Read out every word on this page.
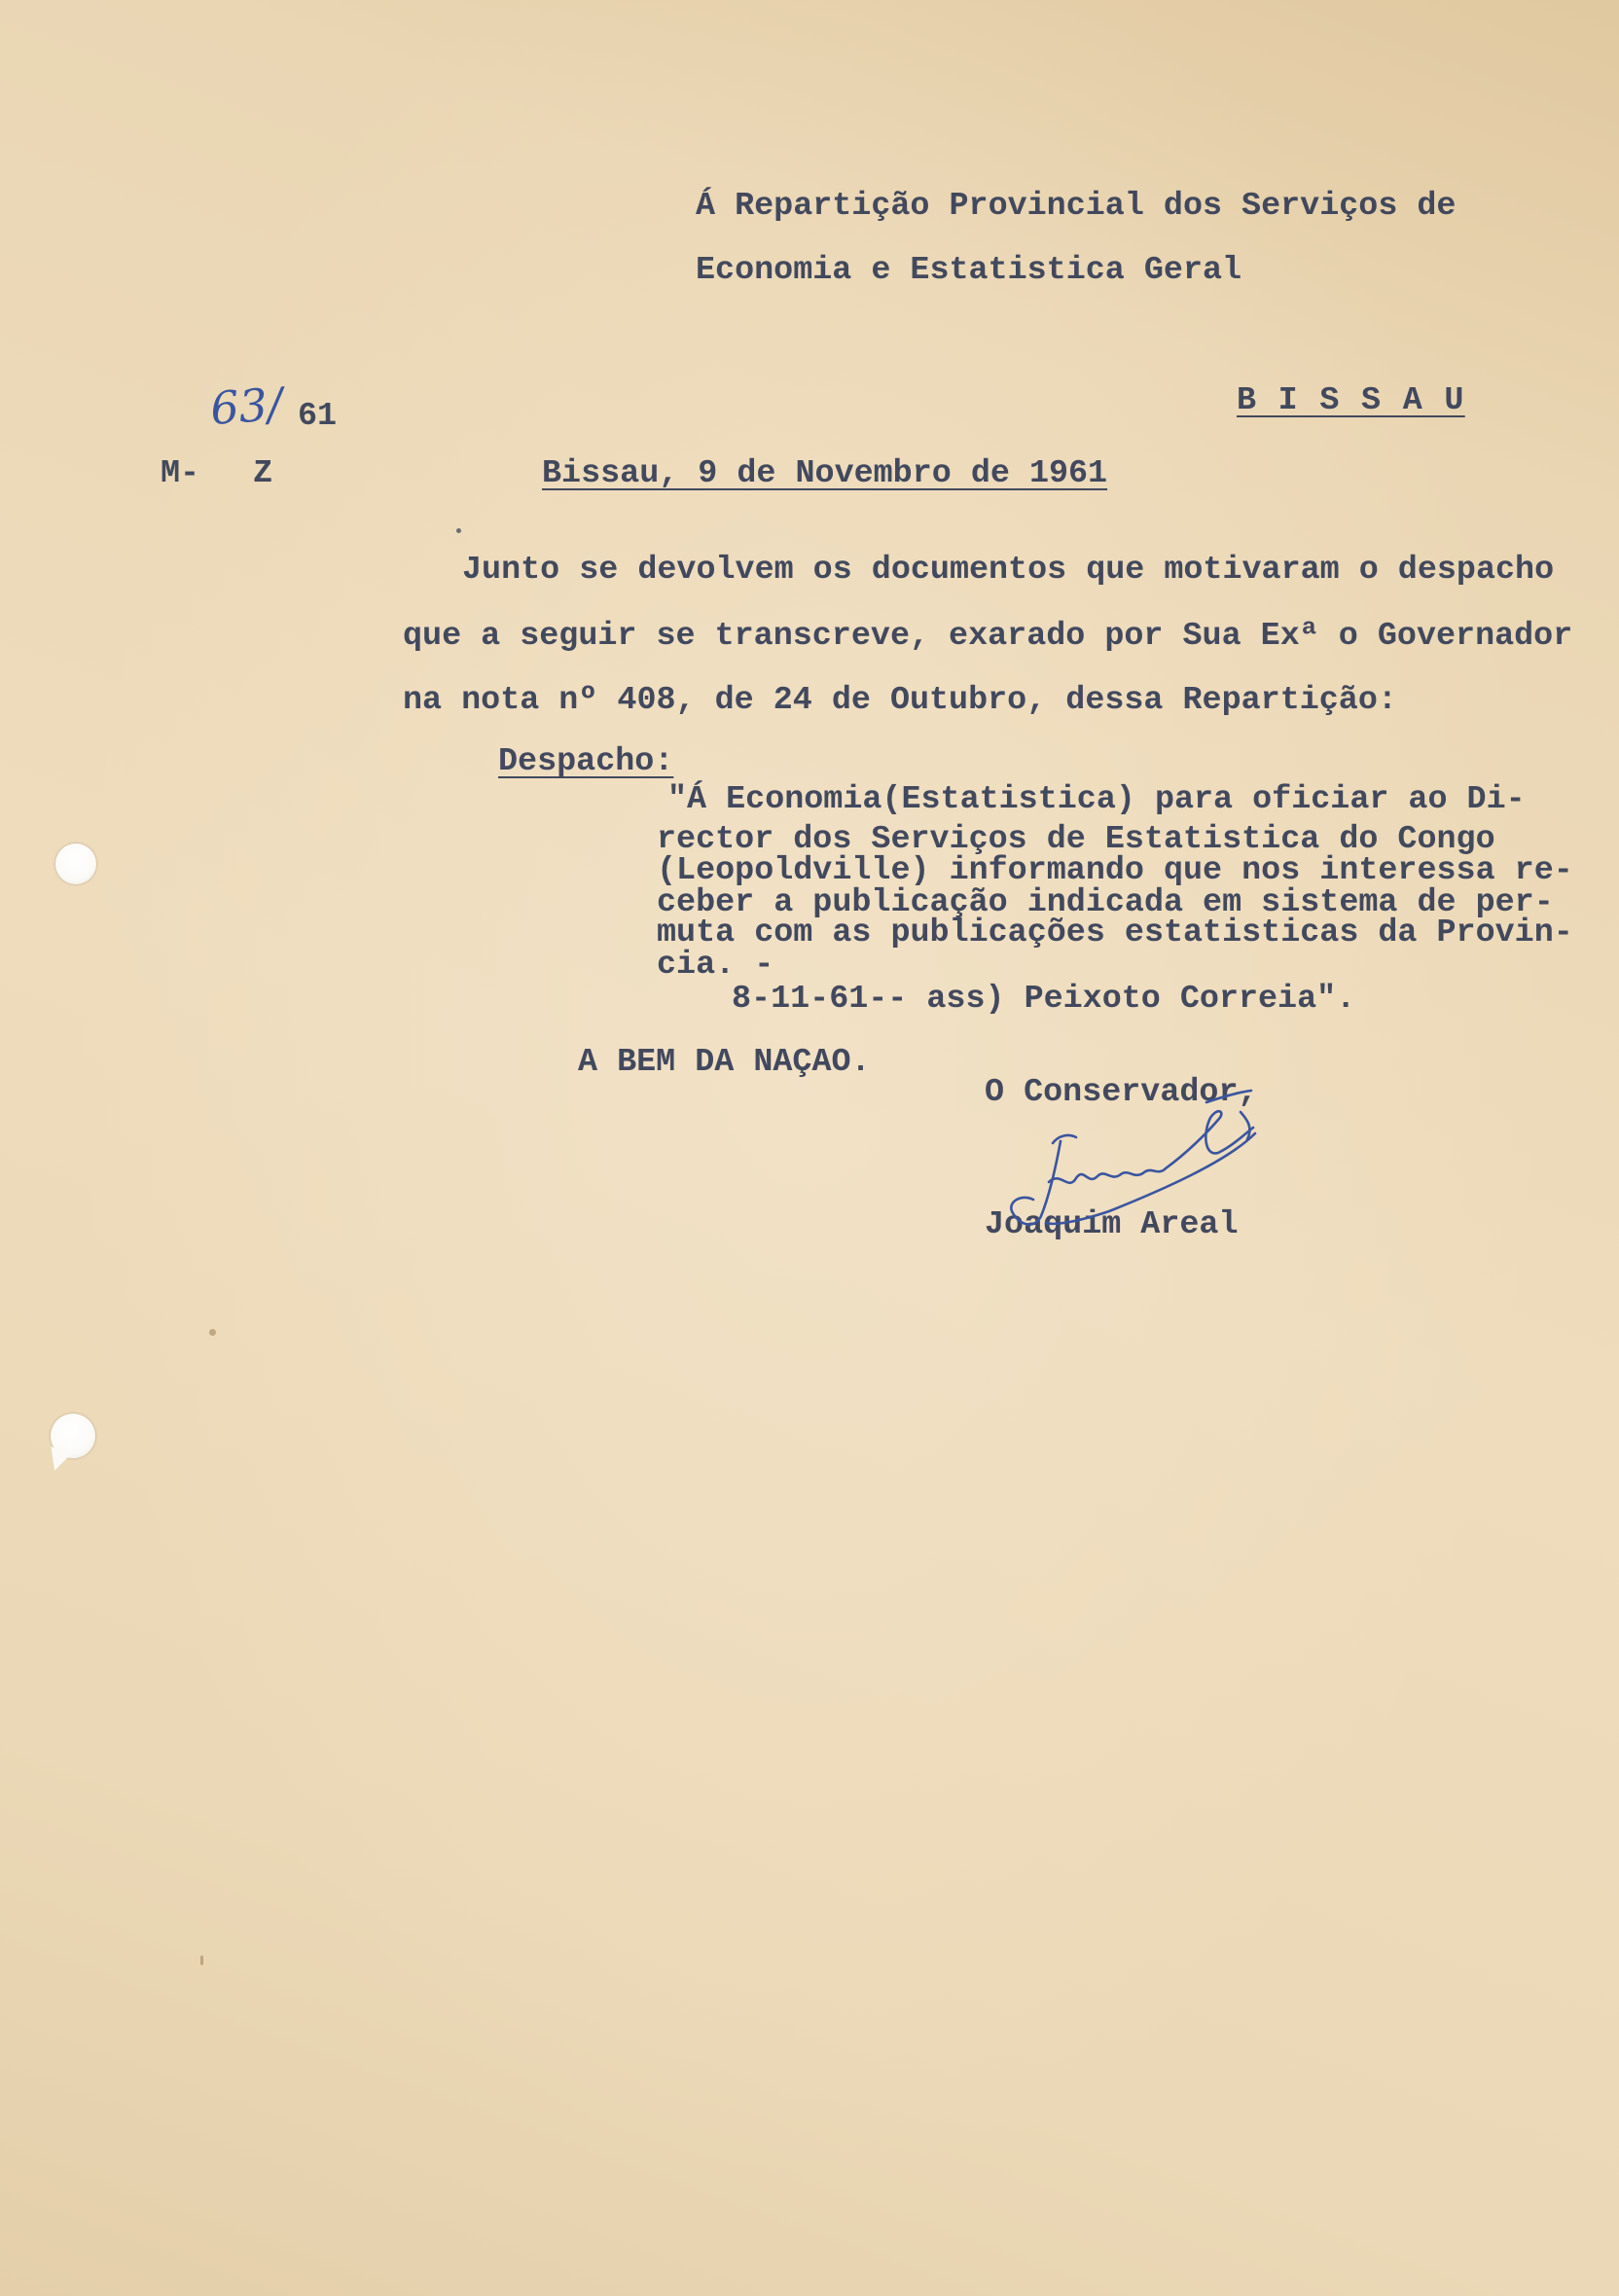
Á Repartição Provincial dos Serviços de
Economia e Estatistica Geral
63/ 61
M- Z
B I S S A U
Bissau, 9 de Novembro de 1961
Junto se devolvem os documentos que motivaram o despacho
que a seguir se transcreve, exarado por Sua Exª o Governador
na nota nº 408, de 24 de Outubro, dessa Repartição:
Despacho:
"Á Economia(Estatistica) para oficiar ao Di-
rector dos Serviços de Estatistica do Congo
(Leopoldville) informando que nos interessa re-
ceber a publicação indicada em sistema de per-
muta com as publicações estatisticas da Provin-
cia. -
8-11-61-- ass) Peixoto Correia".
A BEM DA NAÇAO.
O Conservador,
Joaquim Areal
